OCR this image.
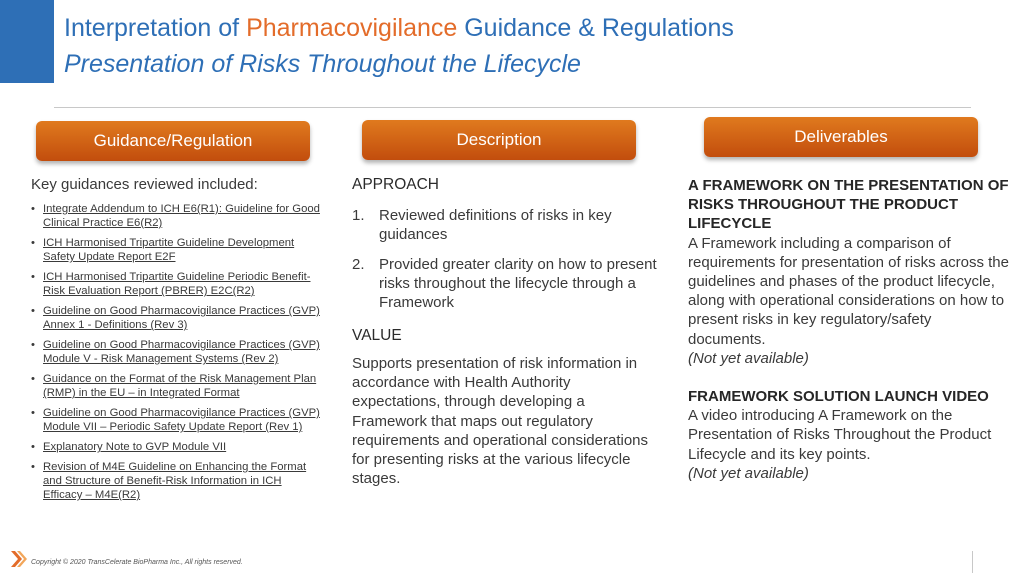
Interpretation of Pharmacovigilance Guidance & Regulations
Presentation of Risks Throughout the Lifecycle
Guidance/Regulation	Description	Deliverables
Key guidances reviewed included:
• Integrate Addendum to ICH E6(R1): Guideline for Good Clinical Practice E6(R2)
• ICH Harmonised Tripartite Guideline Development Safety Update Report E2F
• ICH Harmonised Tripartite Guideline Periodic Benefit-Risk Evaluation Report (PBRER) E2C(R2)
• Guideline on Good Pharmacovigilance Practices (GVP) Annex 1 - Definitions (Rev 3)
• Guideline on Good Pharmacovigilance Practices (GVP) Module V - Risk Management Systems (Rev 2)
• Guidance on the Format of the Risk Management Plan (RMP) in the EU – in Integrated Format
• Guideline on Good Pharmacovigilance Practices (GVP) Module VII – Periodic Safety Update Report (Rev 1)
• Explanatory Note to GVP Module VII
• Revision of M4E Guideline on Enhancing the Format and Structure of Benefit-Risk Information in ICH Efficacy – M4E(R2)
APPROACH
1. Reviewed definitions of risks in key guidances
2. Provided greater clarity on how to present risks throughout the lifecycle through a Framework
VALUE
Supports presentation of risk information in accordance with Health Authority expectations, through developing a Framework that maps out regulatory requirements and operational considerations for presenting risks at the various lifecycle stages.
A FRAMEWORK ON THE PRESENTATION OF RISKS THROUGHOUT THE PRODUCT LIFECYCLE
A Framework including a comparison of requirements for presentation of risks across the guidelines and phases of the product lifecycle, along with operational considerations on how to present risks in key regulatory/safety documents.
(Not yet available)
FRAMEWORK SOLUTION LAUNCH VIDEO
A video introducing A Framework on the Presentation of Risks Throughout the Product Lifecycle and its key points.
(Not yet available)
Copyright © 2020 TransCelerate BioPharma Inc., All rights reserved.
